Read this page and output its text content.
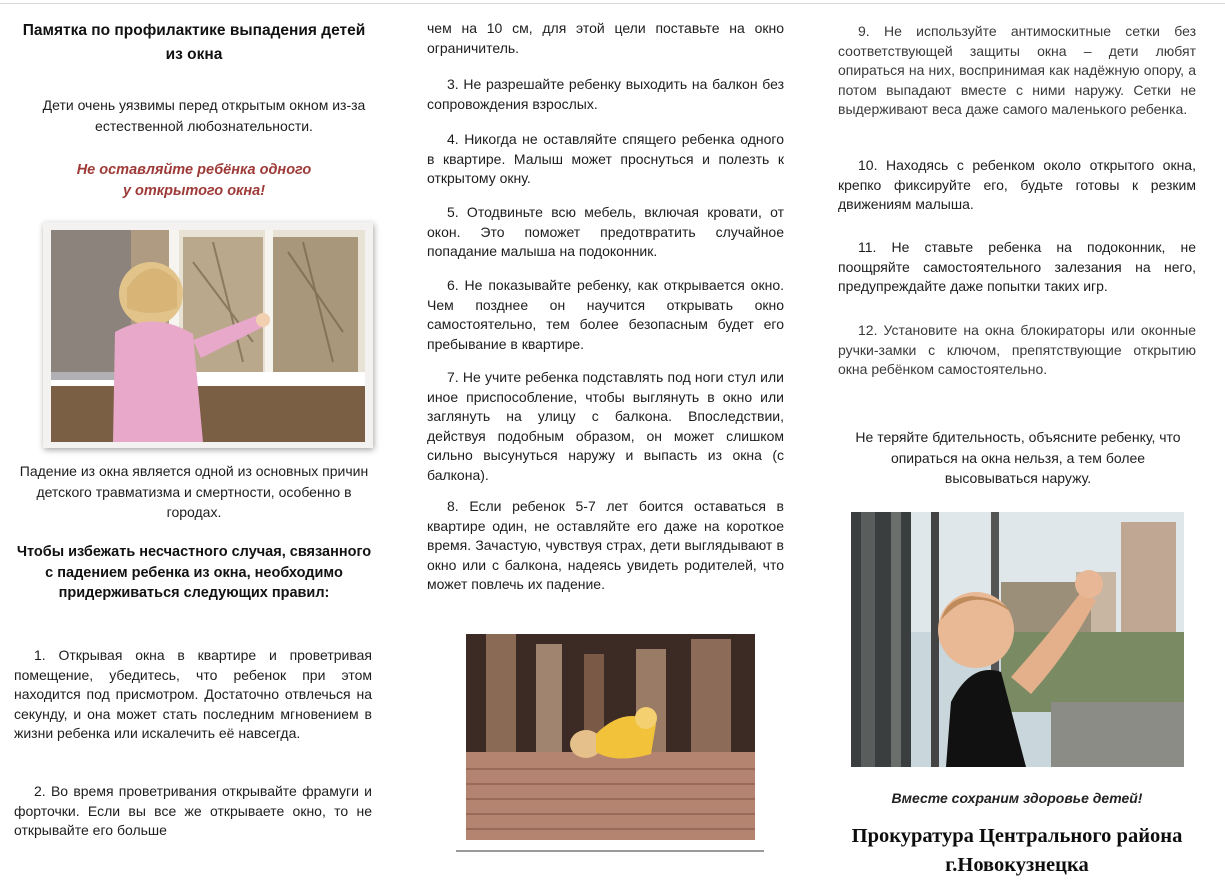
Памятка по профилактике выпадения детей из окна

Дети очень уязвимы перед открытым окном из-за естественной любознательности.

Не оставляйте ребёнка одного

у открытого окна!

Падение из окна является одной из основных причин детского травматизма и смертности, особенно в городах.

Чтобы избежать несчастного случая, связанного с падением ребенка из окна, необходимо придерживаться следующих правил:

1. Открывая окна в квартире и проветривая помещение, убедитесь, что ребенок при этом находится под присмотром. Достаточно отвлечься на секунду, и она может стать последним мгновением в жизни ребенка или искалечить её навсегда.

2. Во время проветривания открывайте фрамуги и форточки. Если вы все же открываете окно, то не открывайте его больше

чем на 10 см, для этой цели поставьте на окно ограничитель.

3. Не разрешайте ребенку выходить на балкон без сопровождения взрослых.

4. Никогда не оставляйте спящего ребенка одного в квартире. Малыш может проснуться и полезть к открытому окну.

5. Отодвиньте всю мебель, включая кровати, от окон. Это поможет предотвратить случайное попадание малыша на подоконник.

6. Не показывайте ребенку, как открывается окно. Чем позднее он научится открывать окно самостоятельно, тем более безопасным будет его пребывание в квартире.

7. Не учите ребенка подставлять под ноги стул или иное приспособление, чтобы выглянуть в окно или заглянуть на улицу с балкона. Впоследствии, действуя подобным образом, он может слишком сильно высунуться наружу и выпасть из окна (с балкона).

8. Если ребенок 5-7 лет боится оставаться в квартире один, не оставляйте его даже на короткое время. Зачастую, чувствуя страх, дети выглядывают в окно или с балкона, надеясь увидеть родителей, что может повлечь их падение.

9. Не используйте антимоскитные сетки без соответствующей защиты окна – дети любят опираться на них, воспринимая как надёжную опору, а потом выпадают вместе с ними наружу. Сетки не выдерживают веса даже самого маленького ребенка.

10. Находясь с ребенком около открытого окна, крепко фиксируйте его, будьте готовы к резким движениям малыша.

11. Не ставьте ребенка на подоконник, не поощряйте самостоятельного залезания на него, предупреждайте даже попытки таких игр.

12. Установите на окна блокираторы или оконные ручки-замки с ключом, препятствующие открытию окна ребёнком самостоятельно.

Не теряйте бдительность, объясните ребенку, что опираться на окна нельзя, а тем более высовываться наружу.

Вместе сохраним здоровье детей!

Прокуратура Центрального района

г.Новокузнецка
